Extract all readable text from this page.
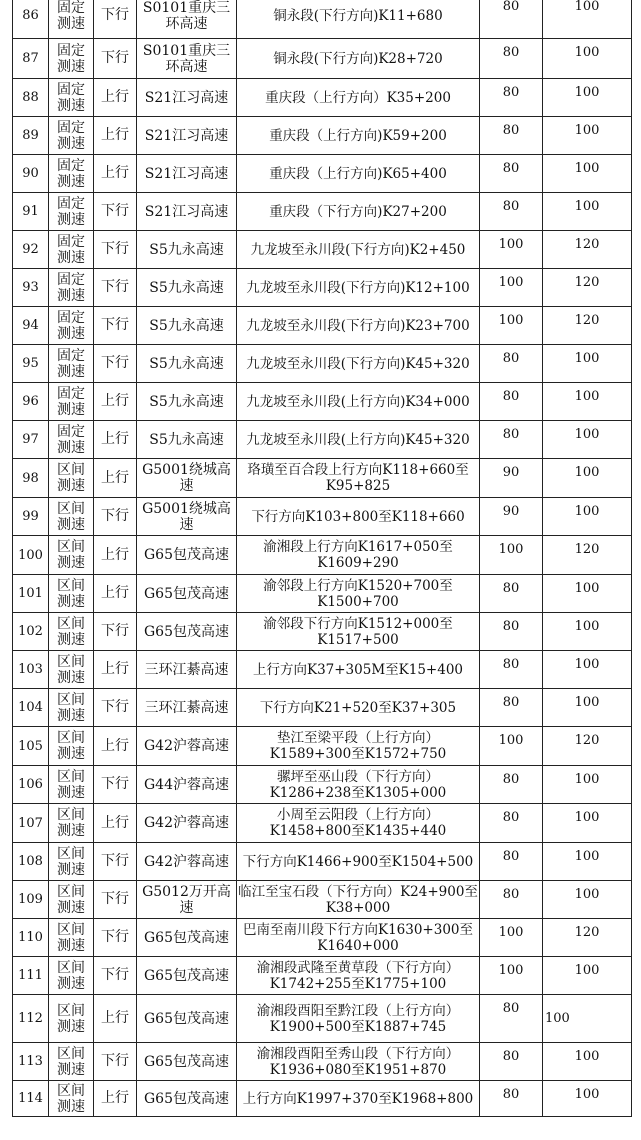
86	固定测速	下行	S0101重庆三环高速	铜永段(下行方向)K11+680	80	100
87	固定测速	下行	S0101重庆三环高速	铜永段(下行方向)K28+720	80	100
88	固定测速	上行	S21江习高速	重庆段（上行方向）K35+200	80	100
89	固定测速	上行	S21江习高速	重庆段（上行方向)K59+200	80	100
90	固定测速	上行	S21江习高速	重庆段（上行方向)K65+400	80	100
91	固定测速	下行	S21江习高速	重庆段（下行方向)K27+200	80	100
92	固定测速	下行	S5九永高速	九龙坡至永川段(下行方向)K2+450	100	120
93	固定测速	下行	S5九永高速	九龙坡至永川段(下行方向)K12+100	100	120
94	固定测速	下行	S5九永高速	九龙坡至永川段(下行方向)K23+700	100	120
95	固定测速	下行	S5九永高速	九龙坡至永川段(下行方向)K45+320	80	100
96	固定测速	上行	S5九永高速	九龙坡至永川段(上行方向)K34+000	80	100
97	固定测速	上行	S5九永高速	九龙坡至永川段(上行方向)K45+320	80	100
98	区间测速	上行	G5001绕城高速	珞璜至百合段上行方向K118+660至K95+825	90	100
99	区间测速	下行	G5001绕城高速	下行方向K103+800至K118+660	90	100
100	区间测速	上行	G65包茂高速	渝湘段上行方向K1617+050至K1609+290	100	120
101	区间测速	上行	G65包茂高速	渝邻段上行方向K1520+700至K1500+700	80	100
102	区间测速	下行	G65包茂高速	渝邻段下行方向K1512+000至K1517+500	80	100
103	区间测速	上行	三环江綦高速	上行方向K37+305M至K15+400	80	100
104	区间测速	下行	三环江綦高速	下行方向K21+520至K37+305	80	100
105	区间测速	上行	G42沪蓉高速	垫江至梁平段（上行方向）K1589+300至K1572+750	100	120
106	区间测速	下行	G44沪蓉高速	骡坪至巫山段（下行方向）K1286+238至K1305+000	80	100
107	区间测速	上行	G42沪蓉高速	小周至云阳段（上行方向）K1458+800至K1435+440	80	100
108	区间测速	下行	G42沪蓉高速	下行方向K1466+900至K1504+500	80	100
109	区间测速	下行	G5012万开高速	临江至宝石段（下行方向）K24+900至K38+000	80	100
110	区间测速	下行	G65包茂高速	巴南至南川段下行方向K1630+300至K1640+000	100	120
111	区间测速	下行	G65包茂高速	渝湘段武隆至黄草段（下行方向）K1742+255至K1775+100	100	100
112	区间测速	上行	G65包茂高速	渝湘段酉阳至黔江段（上行方向）K1900+500至K1887+745	80	100
113	区间测速	下行	G65包茂高速	渝湘段酉阳至秀山段（下行方向）K1936+080至K1951+870	80	100
114	区间测速	上行	G65包茂高速	上行方向K1997+370至K1968+800	80	100
